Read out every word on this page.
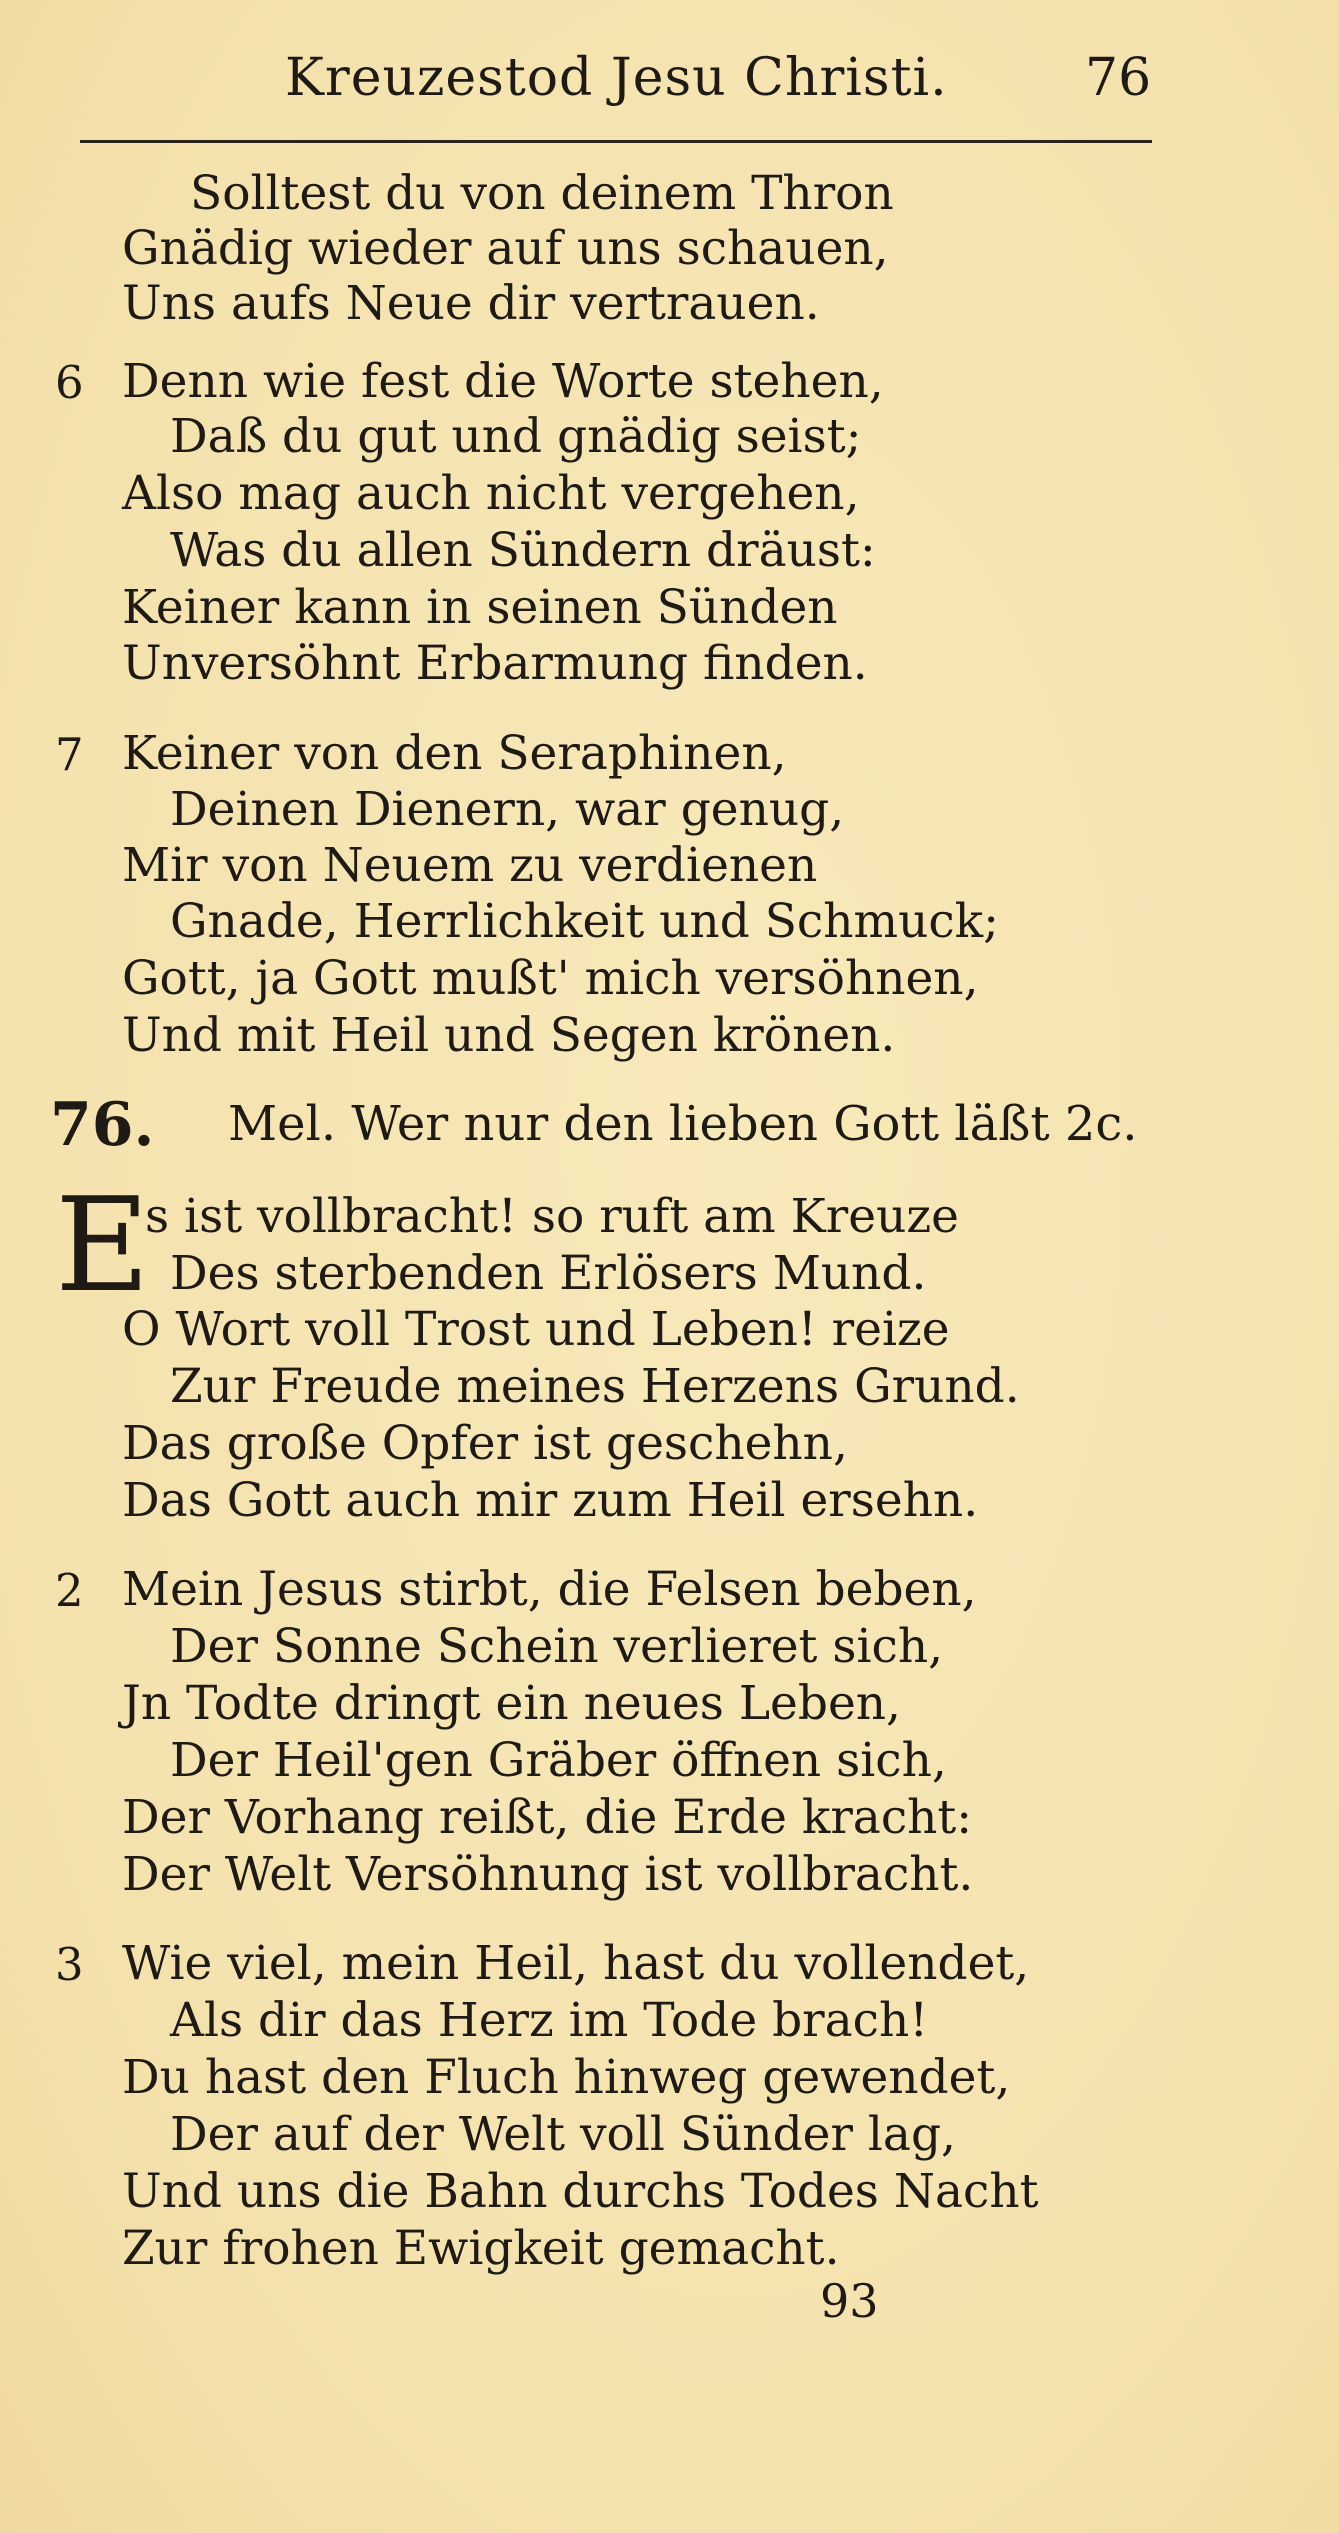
Kreuzestod Jesu Christi.	76
Solltest du von deinem Thron
Gnädig wieder auf uns schauen,
Uns aufs Neue dir vertrauen.
6 Denn wie fest die Worte stehen,
Daß du gut und gnädig seist;
Also mag auch nicht vergehen,
Was du allen Sündern dräust:
Keiner kann in seinen Sünden
Unversöhnt Erbarmung finden.
7 Keiner von den Seraphinen,
Deinen Dienern, war genug,
Mir von Neuem zu verdienen
Gnade, Herrlichkeit und Schmuck;
Gott, ja Gott mußt' mich versöhnen,
Und mit Heil und Segen krönen.
76. Mel. Wer nur den lieben Gott läßt 2c.
E
s ist vollbracht! so ruft am Kreuze
Des sterbenden Erlösers Mund.
O Wort voll Trost und Leben! reize
Zur Freude meines Herzens Grund.
Das große Opfer ist geschehn,
Das Gott auch mir zum Heil ersehn.
2 Mein Jesus stirbt, die Felsen beben,
Der Sonne Schein verlieret sich,
Jn Todte dringt ein neues Leben,
Der Heil'gen Gräber öffnen sich,
Der Vorhang reißt, die Erde kracht:
Der Welt Versöhnung ist vollbracht.
3 Wie viel, mein Heil, hast du vollendet,
Als dir das Herz im Tode brach!
Du hast den Fluch hinweg gewendet,
Der auf der Welt voll Sünder lag,
Und uns die Bahn durchs Todes Nacht
Zur frohen Ewigkeit gemacht.
93
